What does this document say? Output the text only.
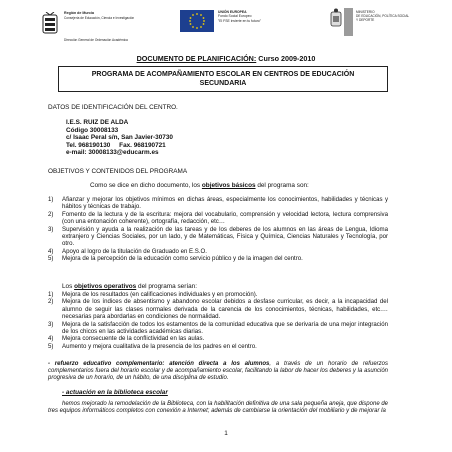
Región de Murcia
Consejería de Educación, Ciencia e Investigación
Dirección General de Ordenación Académica
UNIÓN EUROPEA
Fondo Social Europeo
"El FSE invierte en tu futuro"
MINISTERIO
DE EDUCACIÓN, POLÍTICA SOCIAL
Y DEPORTE
DOCUMENTO DE PLANIFICACIÓN: Curso 2009-2010
PROGRAMA DE ACOMPAÑAMIENTO ESCOLAR EN CENTROS DE EDUCACIÓN
SECUNDARIA
DATOS DE IDENTIFICACIÓN DEL CENTRO.
I.E.S. RUIZ DE ALDA
Código 30008133
c/ Isaac Peral s/n, San Javier-30730
Tel. 968190130     Fax. 968190721
e-mail: 30008133@educarm.es
OBJETIVOS Y CONTENIDOS DEL PROGRAMA
Como se dice en dicho documento, los objetivos básicos del programa son:
1) Afianzar y mejorar los objetivos mínimos en dichas áreas, especialmente los conocimientos, habilidades y técnicas y hábitos y técnicas de trabajo.
2) Fomento de la lectura y de la escritura: mejora del vocabulario, comprensión y velocidad lectora, lectura comprensiva (con una entonación coherente), ortografía, redacción, etc…
3) Supervisión y ayuda a la realización de las tareas y de los deberes de los alumnos en las áreas de Lengua, Idioma extranjero y Ciencias Sociales, por un lado, y de Matemáticas, Física y Química, Ciencias Naturales y Tecnología, por otro.
4) Apoyo al logro de la titulación de Graduado en E.S.O.
5) Mejora de la percepción de la educación como servicio público y de la imagen del centro.
Los objetivos operativos del programa serían:
1) Mejora de los resultados (en calificaciones individuales y en promoción).
2) Mejora de los índices de absentismo y abandono escolar debidos a desfase curricular, es decir, a la incapacidad del alumno de seguir las clases normales derivada de la carencia de los conocimientos, técnicas, habilidades, etc.… necesarias para abordarlas en condiciones de normalidad.
3) Mejora de la satisfacción de todos los estamentos de la comunidad educativa que se derivaría de una mejor integración de los chicos en las actividades académicas diarias.
4) Mejora consecuente de la conflictividad en las aulas.
5) Aumento y mejora cualitativa de la presencia de los padres en el centro.
- refuerzo educativo complementario: atención directa a los alumnos, a través de un horario de refuerzos complementarios fuera del horario escolar y de acompañamiento escolar, facilitando la labor de hacer los deberes y la asunción progresiva de un horario, de un hábito, de una disciplina de estudio.
- actuación en la biblioteca escolar
hemos mejorado la remodelación de la Biblioteca, con la habilitación definitiva de una sala pequeña aneja, que dispone de tres equipos informáticos completos con conexión a Internet; además de cambiarse la orientación del mobiliario y de mejorar la
1
